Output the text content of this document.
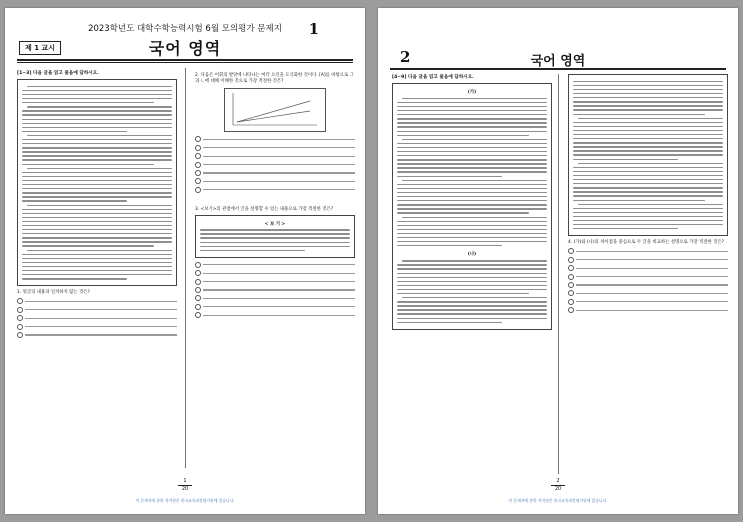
2023학년도 대학수학능력시험 6월 모의평가 문제지	1
제 1 교시	국어 영역
[1~3] 다음 글을 읽고 물음에 답하시오.
1. 윗글의 내용과 일치하지 않는 것은?
2. 다음은 어휘의 발달에 나타나는 여러 요인을 도식화한 것이다. [A]를 바탕으로 그과 ㄴ에 대해 이해한 것으로 가장 적절한 것은?
3. <보기>의 관점에서 글을 설명할 수 있는 내용으로 가장 적절한 것은?
< 보 기 >
1
20
이 문제지에 관한 저작권은 한국교육과정평가원에 있습니다.
2	국어 영역
[4~9] 다음 글을 읽고 물음에 답하시오.
(가)
(나)
4. (가)와 (나)의 차이점을 중심으로 두 글을 비교하는 설명으로 가장 적절한 것은?
2
20
이 문제지에 관한 저작권은 한국교육과정평가원에 있습니다.
